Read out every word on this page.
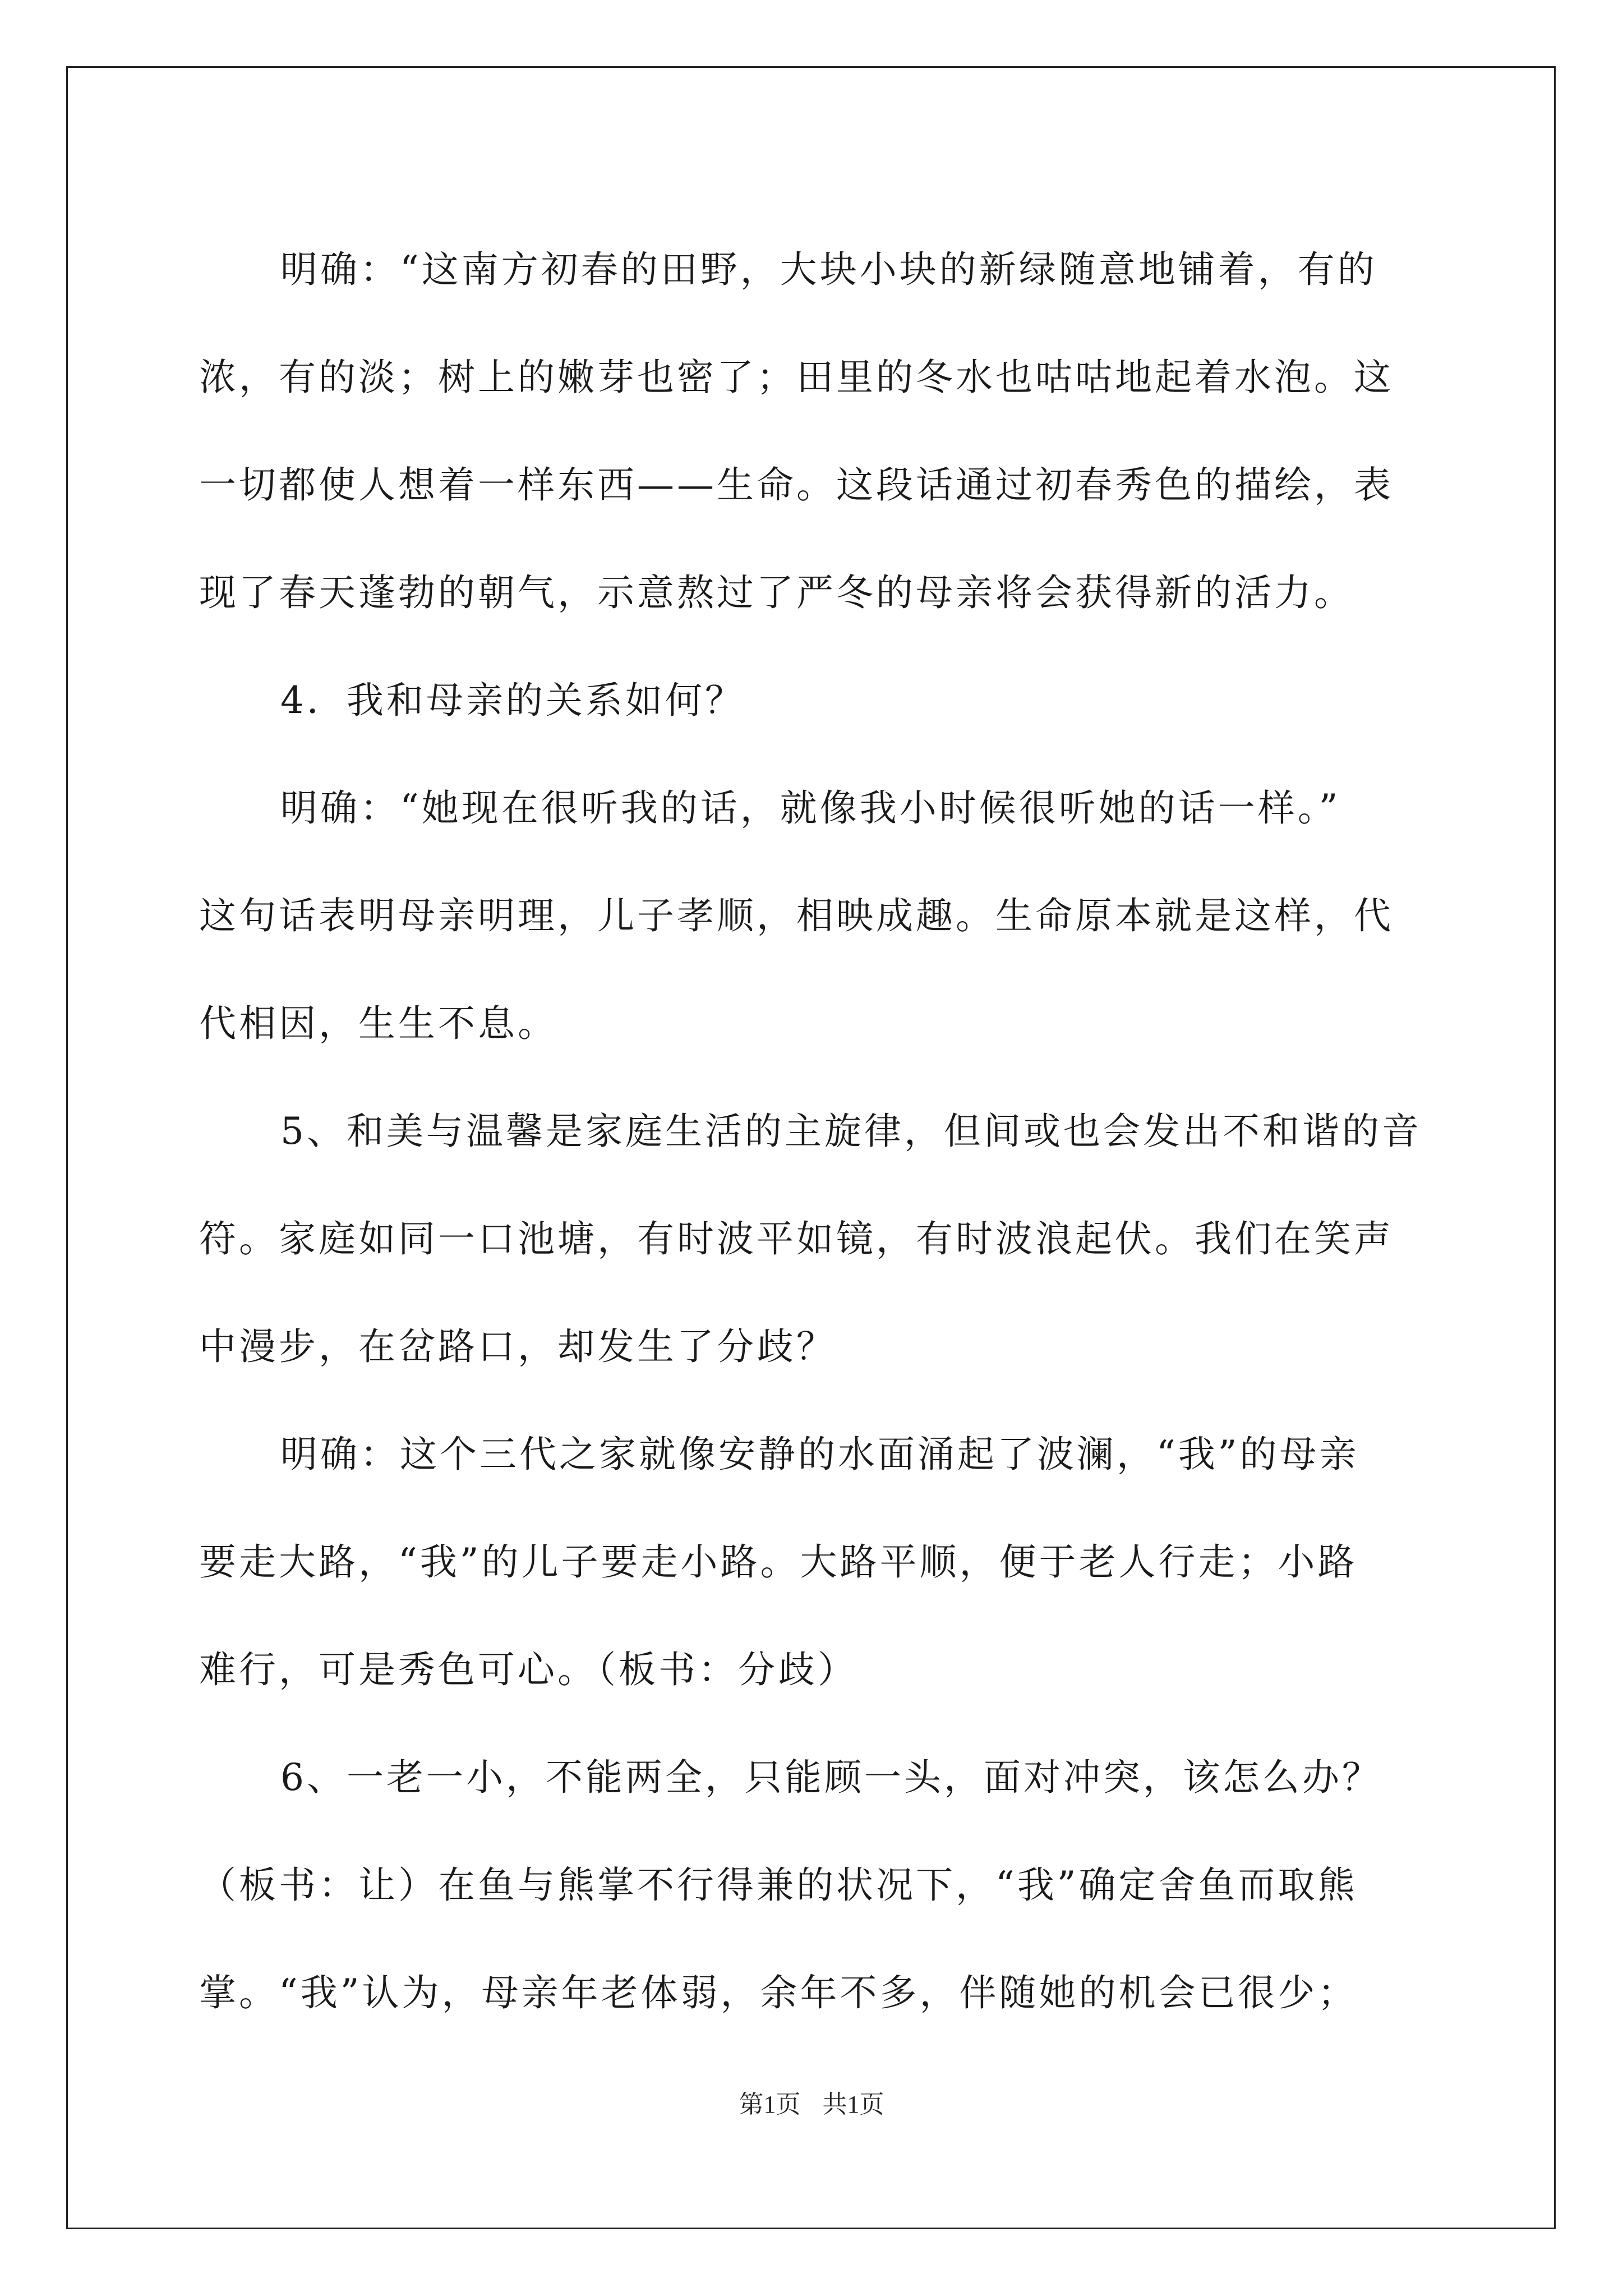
明确：“这南方初春的田野，大块小块的新绿随意地铺着，有的

浓，有的淡；树上的嫩芽也密了；田里的冬水也咕咕地起着水泡。这

一切都使人想着一样东西——生命。这段话通过初春秀色的描绘，表

现了春天蓬勃的朝气，示意熬过了严冬的母亲将会获得新的活力。

4．我和母亲的关系如何？

明确：“她现在很听我的话，就像我小时候很听她的话一样。”

这句话表明母亲明理，儿子孝顺，相映成趣。生命原本就是这样，代

代相因，生生不息。

5、和美与温馨是家庭生活的主旋律，但间或也会发出不和谐的音

符。家庭如同一口池塘，有时波平如镜，有时波浪起伏。我们在笑声

中漫步，在岔路口，却发生了分歧？

明确：这个三代之家就像安静的水面涌起了波澜，“我”的母亲

要走大路，“我”的儿子要走小路。大路平顺，便于老人行走；小路

难行，可是秀色可心。（板书：分歧）

6、一老一小，不能两全，只能顾一头，面对冲突，该怎么办？

（板书：让）在鱼与熊掌不行得兼的状况下，“我”确定舍鱼而取熊

掌。“我”认为，母亲年老体弱，余年不多，伴随她的机会已很少；

第1页 共1页
